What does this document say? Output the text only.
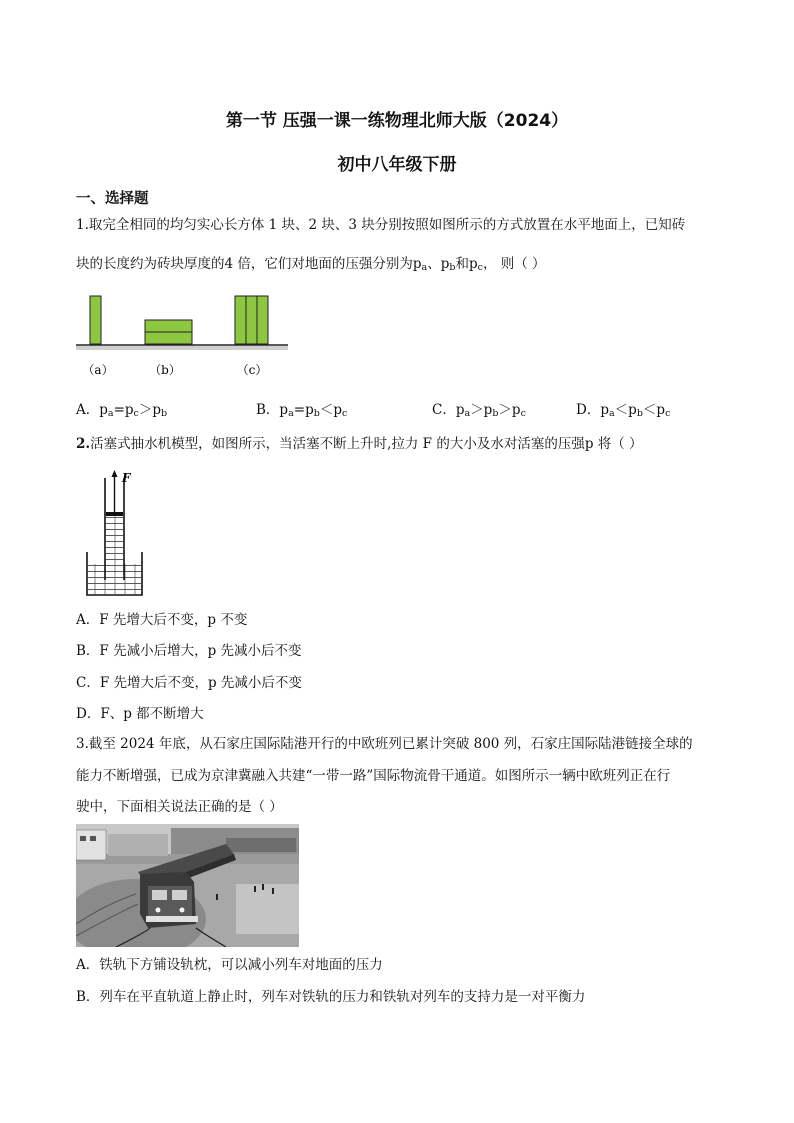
第一节 压强一课一练物理北师大版（2024）
初中八年级下册
一、选择题
1.取完全相同的均匀实心长方体 1 块、2 块、3 块分别按照如图所示的方式放置在水平地面上，已知砖
块的长度约为砖块厚度的4 倍，它们对地面的压强分别为$p_a$、$p_b$和$p_c$， 则（ ）
（a）	（b）	（c）
A．$p_a=p_c>p_b$	B．$p_a=p_b<p_c$	C．$p_a>p_b>p_c$	D．$p_a<p_b<p_c$
2.活塞式抽水机模型，如图所示，当活塞不断上升时,拉力 F 的大小及水对活塞的压强p 将（ ）
F
A．F 先增大后不变，p 不变
B．F 先减小后增大，p 先减小后不变
C．F 先增大后不变，p 先减小后不变
D．F、p 都不断增大
3.截至 2024 年底，从石家庄国际陆港开行的中欧班列已累计突破 800 列，石家庄国际陆港链接全球的
能力不断增强，已成为京津冀融入共建“一带一路”国际物流骨干通道。如图所示一辆中欧班列正在行
驶中，下面相关说法正确的是（ ）
A．铁轨下方铺设轨枕，可以减小列车对地面的压力
B．列车在平直轨道上静止时，列车对铁轨的压力和铁轨对列车的支持力是一对平衡力
